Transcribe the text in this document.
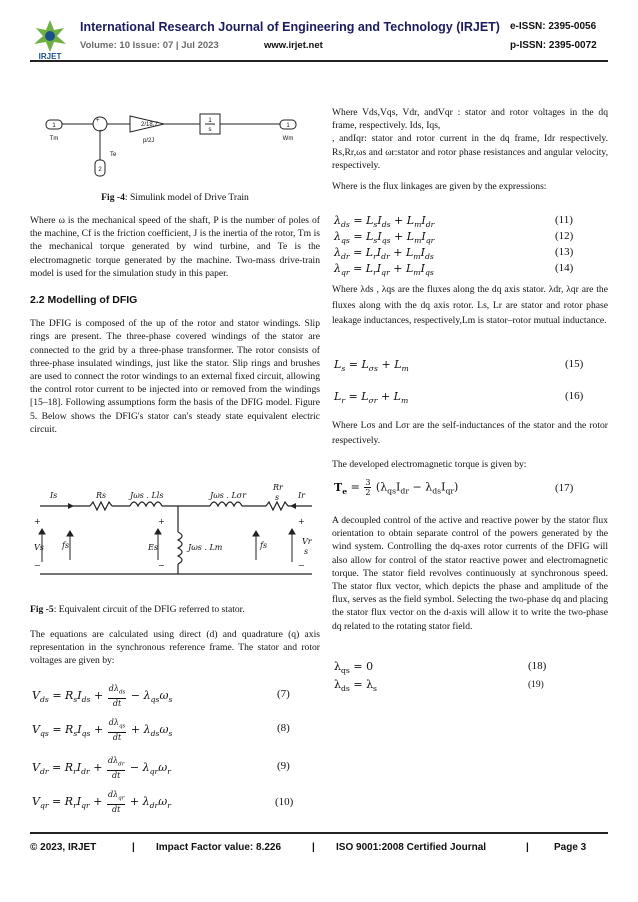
IRJET
International Research Journal of Engineering and Technology (IRJET) e-ISSN: 2395-0056
Volume: 10 Issue: 07 | Jul 2023	www.irjet.net	p-ISSN: 2395-0072
1
Tm
+
−
2/18.7
p/2J
1
s
1
Wm
2
Te
Fig -4: Simulink model of Drive Train

Where ω is the mechanical speed of the shaft, P is the number of poles of the machine, Cf is the friction coefficient, J is the inertia of the rotor, Tm is the mechanical torque generated by wind turbine, and Te is the electromagnetic torque generated by the machine. Two-mass drive-train model is used for the simulation study in this paper.

2.2 Modelling of DFIG

The DFIG is composed of the up of the rotor and stator windings. Slip rings are present. The three-phase covered windings of the stator are connected to the grid by a three-phase transformer. The rotor consists of three-phase insulated windings, just like the stator. Slip rings and brushes are used to connect the rotor windings to an external fixed circuit, allowing the control rotor current to be injected into or removed from the windings [15–18]. Following assumptions form the basis of the DFIG model. Figure 5. Below shows the DFIG's stator can's steady state equivalent electric circuit.

Is	Rs	Jωs . Lls	Jωs . Lσr
Rr
s Ir
+
Vs
−
fs
+
Es
−
Jωs . Lm	fs
+
Vr
s
−
Fig -5: Equivalent circuit of the DFIG referred to stator.
The equations are calculated using direct (d) and quadrature (q) axis representation in the synchronous reference frame. The stator and rotor voltages are given by:
$V_{ds} = R_sI_{ds} + \frac{d\lambda_{ds}}{dt} - \lambda_{qs}\omega_s$	(7)
$V_{qs} = R_sI_{qs} + \frac{d\lambda_{qs}}{dt} + \lambda_{ds}\omega_s$	(8)
$V_{dr} = R_rI_{dr} + \frac{d\lambda_{dr}}{dt} - \lambda_{qr}\omega_r$	(9)
$V_{qr} = R_rI_{qr} + \frac{d\lambda_{qr}}{dt} + \lambda_{dr}\omega_r$	(10)

Where Vds,Vqs, Vdr, andVqr : stator and rotor voltages in the dq frame, respectively. Ids, Iqs,

, andIqr: stator and rotor current in the dq frame, Idr respectively. Rs,Rr,ωs and ωr:stator and rotor phase resistances and angular velocity, respectively.

Where is the flux linkages are given by the expressions:

$\lambda_{ds} = L_sI_{ds} + L_mI_{dr}$	(11)
$\lambda_{qs} = L_sI_{qs} + L_mI_{qr}$	(12)
$\lambda_{dr} = L_rI_{dr} + L_mI_{ds}$	(13)
$\lambda_{qr} = L_rI_{qr} + L_mI_{qs}$	(14)
Where λds , λqs are the fluxes along the dq axis stator. λdr, λqr are the fluxes along with the dq axis rotor. Ls, Lr are stator and rotor phase leakage inductances, respectively,Lm is stator–rotor mutual inductance.
$L_s = L_{\sigma s} + L_m$	(15)
$L_r = L_{\sigma r} + L_m$	(16)
Where Lσs and Lσr are the self-inductances of the stator and the rotor respectively.
The developed electromagnetic torque is given by:
$T_e = \frac{3}{2} (\lambda_{qs}I_{dr} - \lambda_{ds}I_{qr})$	(17)
A decoupled control of the active and reactive power by the stator flux orientation to obtain separate control of the powers generated by the wind system. Controlling the dq-axes rotor currents of the DFIG will also allow for control of the stator reactive power and electromagnetic torque. The stator field revolves continuously at synchronous speed. The stator flux vector, which depicts the phase and amplitude of the flux, serves as the field symbol. Selecting the two-phase dq and placing the stator flux vector on the d-axis will allow it to write the two-phase dq related to the rotating stator field.
$\lambda_{qs} = 0$	(18)
$\lambda_{ds} = \lambda_s$	(19)
© 2023, IRJET	| Impact Factor value: 8.226	| ISO 9001:2008 Certified Journal	|	Page 3
